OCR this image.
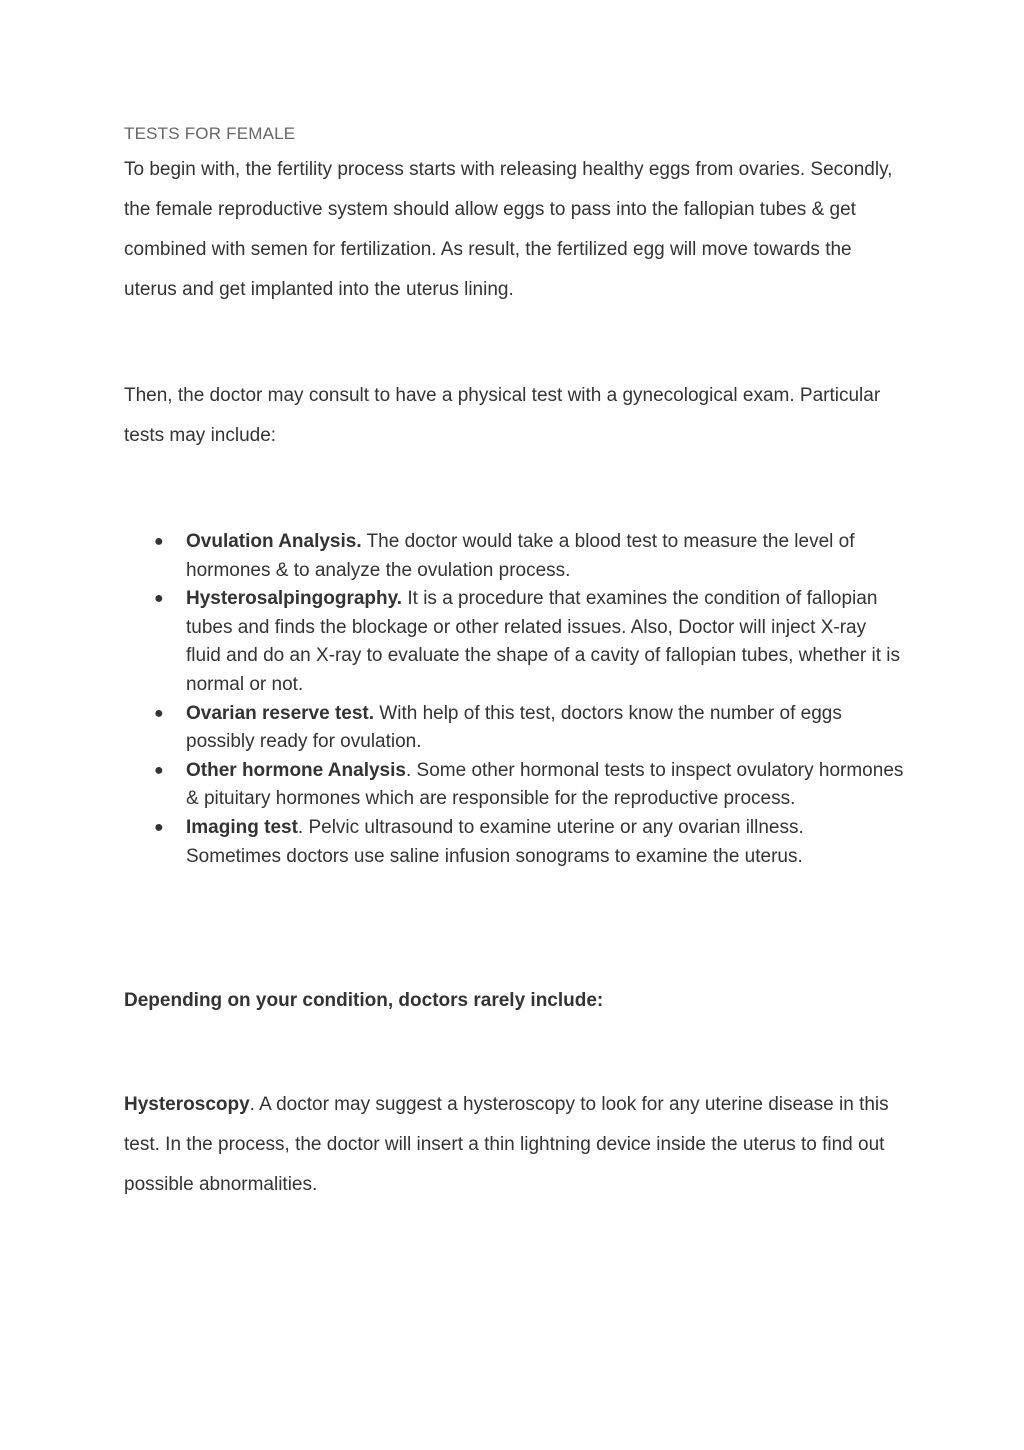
TESTS FOR FEMALE

To begin with, the fertility process starts with releasing healthy eggs from ovaries. Secondly, the female reproductive system should allow eggs to pass into the fallopian tubes & get combined with semen for fertilization. As result, the fertilized egg will move towards the uterus and get implanted into the uterus lining.

Then, the doctor may consult to have a physical test with a gynecological exam. Particular tests may include:

● Ovulation Analysis. The doctor would take a blood test to measure the level of hormones & to analyze the ovulation process.
● Hysterosalpingography. It is a procedure that examines the condition of fallopian tubes and finds the blockage or other related issues. Also, Doctor will inject X-ray fluid and do an X-ray to evaluate the shape of a cavity of fallopian tubes, whether it is normal or not.
● Ovarian reserve test. With help of this test, doctors know the number of eggs possibly ready for ovulation.
● Other hormone Analysis. Some other hormonal tests to inspect ovulatory hormones & pituitary hormones which are responsible for the reproductive process.
● Imaging test. Pelvic ultrasound to examine uterine or any ovarian illness. Sometimes doctors use saline infusion sonograms to examine the uterus.

Depending on your condition, doctors rarely include:

Hysteroscopy. A doctor may suggest a hysteroscopy to look for any uterine disease in this test. In the process, the doctor will insert a thin lightning device inside the uterus to find out possible abnormalities.
